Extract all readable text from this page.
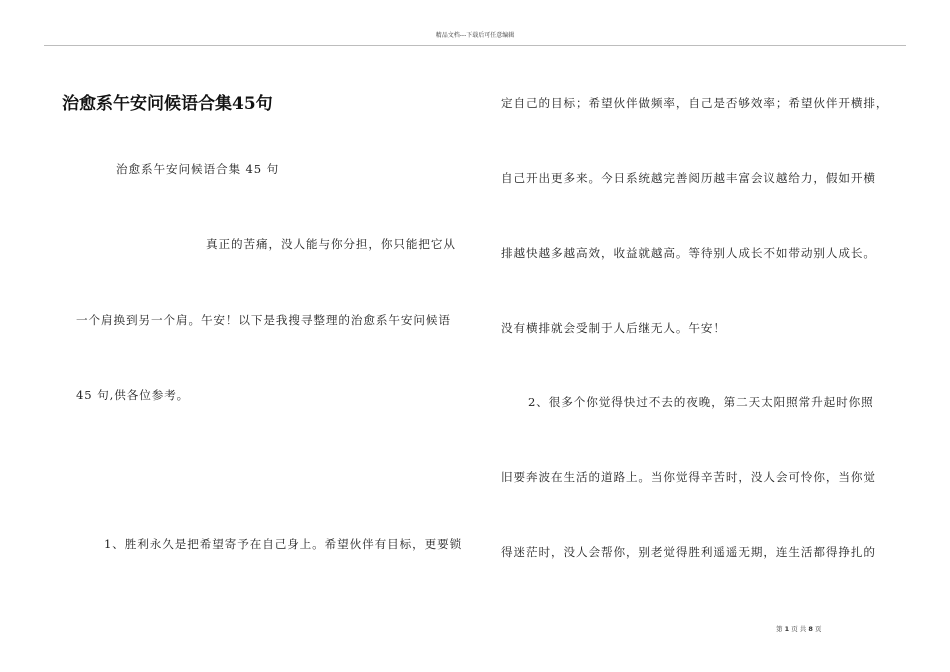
精品文档---下载后可任意编辑
治愈系午安问候语合集45句
治愈系午安问候语合集 45 句
真正的苦痛，没人能与你分担，你只能把它从
一个肩换到另一个肩。午安！以下是我搜寻整理的治愈系午安问候语
45 句,供各位参考。
1、胜利永久是把希望寄予在自己身上。希望伙伴有目标，更要锁
定自己的目标；希望伙伴做频率，自己是否够效率；希望伙伴开横排，
自己开出更多来。今日系统越完善阅历越丰富会议越给力，假如开横
排越快越多越高效，收益就越高。等待别人成长不如带动别人成长。
没有横排就会受制于人后继无人。午安！
2、很多个你觉得快过不去的夜晚，第二天太阳照常升起时你照
旧要奔波在生活的道路上。当你觉得辛苦时，没人会可怜你，当你觉
得迷茫时，没人会帮你，别老觉得胜利遥遥无期，连生活都得挣扎的
第 1 页 共 8 页
